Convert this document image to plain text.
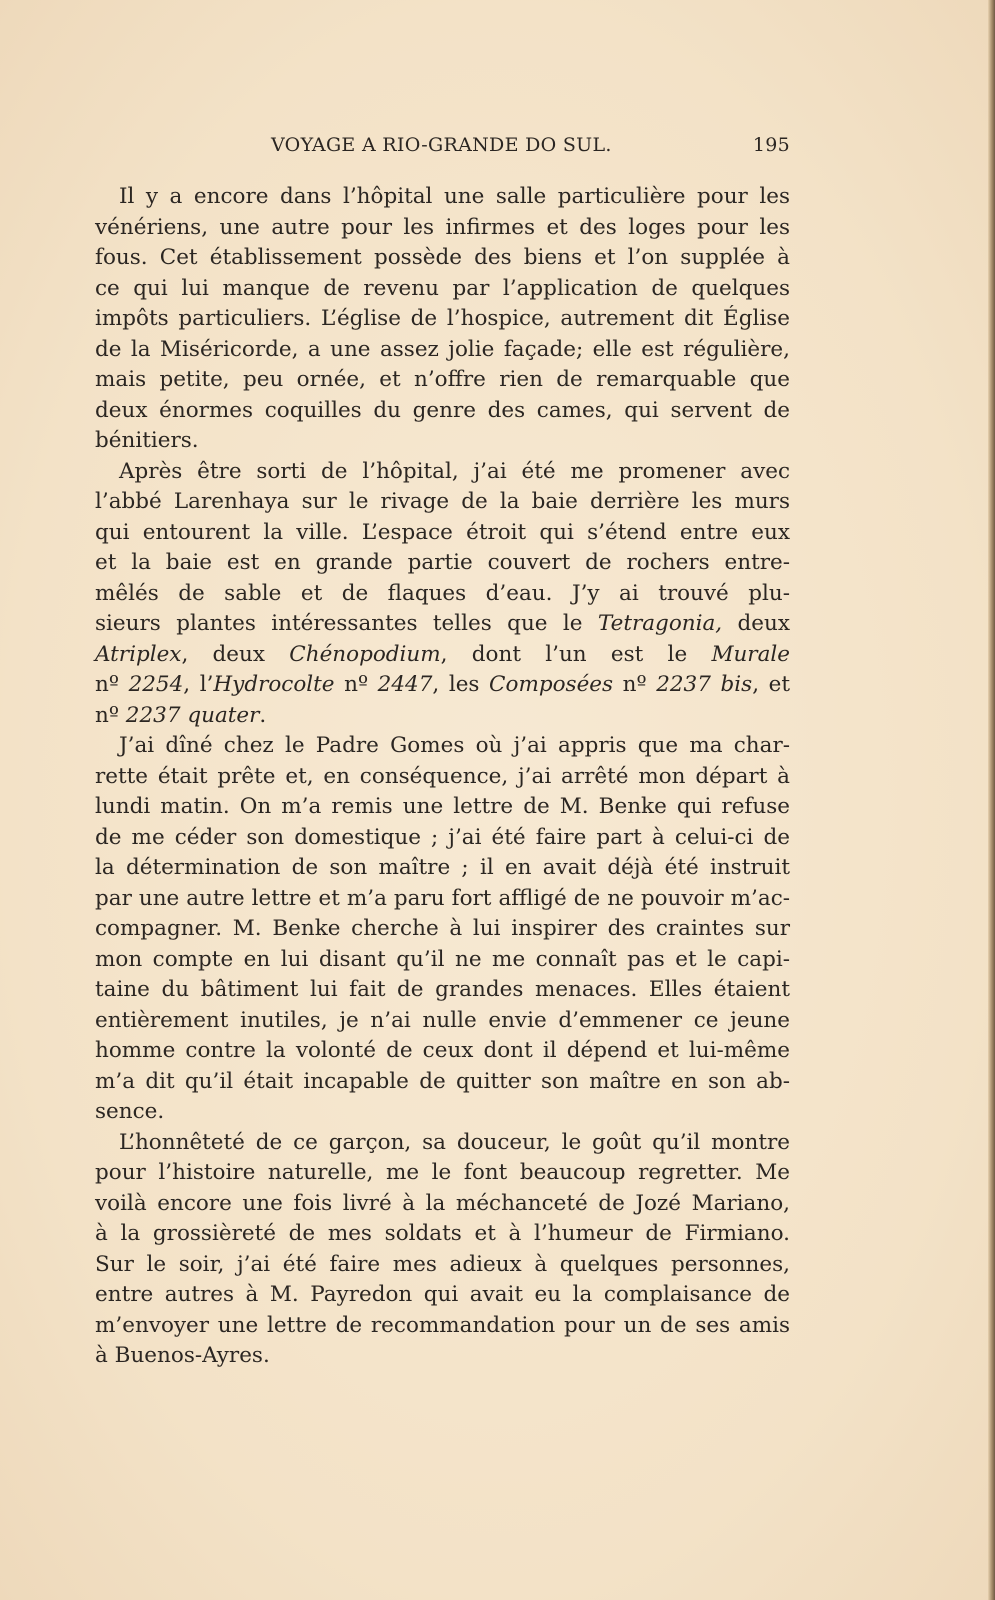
VOYAGE A RIO-GRANDE DO SUL.	195
Il y a encore dans l’hôpital une salle particulière pour les
vénériens, une autre pour les infirmes et des loges pour les
fous. Cet établissement possède des biens et l’on supplée à
ce qui lui manque de revenu par l’application de quelques
impôts particuliers. L’église de l’hospice, autrement dit Église
de la Miséricorde, a une assez jolie façade; elle est régulière,
mais petite, peu ornée, et n’offre rien de remarquable que
deux énormes coquilles du genre des cames, qui servent de
bénitiers.
Après être sorti de l’hôpital, j’ai été me promener avec
l’abbé Larenhaya sur le rivage de la baie derrière les murs
qui entourent la ville. L’espace étroit qui s’étend entre eux
et la baie est en grande partie couvert de rochers entre-
mêlés de sable et de flaques d’eau. J’y ai trouvé plu-
sieurs plantes intéressantes telles que le Tetragonia, deux
Atriplex, deux Chénopodium, dont l’un est le Murale
nº 2254, l’Hydrocolte nº 2447, les Composées nº 2237 bis, et
nº 2237 quater.
J’ai dîné chez le Padre Gomes où j’ai appris que ma char-
rette était prête et, en conséquence, j’ai arrêté mon départ à
lundi matin. On m’a remis une lettre de M. Benke qui refuse
de me céder son domestique ; j’ai été faire part à celui-ci de
la détermination de son maître ; il en avait déjà été instruit
par une autre lettre et m’a paru fort affligé de ne pouvoir m’ac-
compagner. M. Benke cherche à lui inspirer des craintes sur
mon compte en lui disant qu’il ne me connaît pas et le capi-
taine du bâtiment lui fait de grandes menaces. Elles étaient
entièrement inutiles, je n’ai nulle envie d’emmener ce jeune
homme contre la volonté de ceux dont il dépend et lui-même
m’a dit qu’il était incapable de quitter son maître en son ab-
sence.
L’honnêteté de ce garçon, sa douceur, le goût qu’il montre
pour l’histoire naturelle, me le font beaucoup regretter. Me
voilà encore une fois livré à la méchanceté de Jozé Mariano,
à la grossièreté de mes soldats et à l’humeur de Firmiano.
Sur le soir, j’ai été faire mes adieux à quelques personnes,
entre autres à M. Payredon qui avait eu la complaisance de
m’envoyer une lettre de recommandation pour un de ses amis
à Buenos-Ayres.
